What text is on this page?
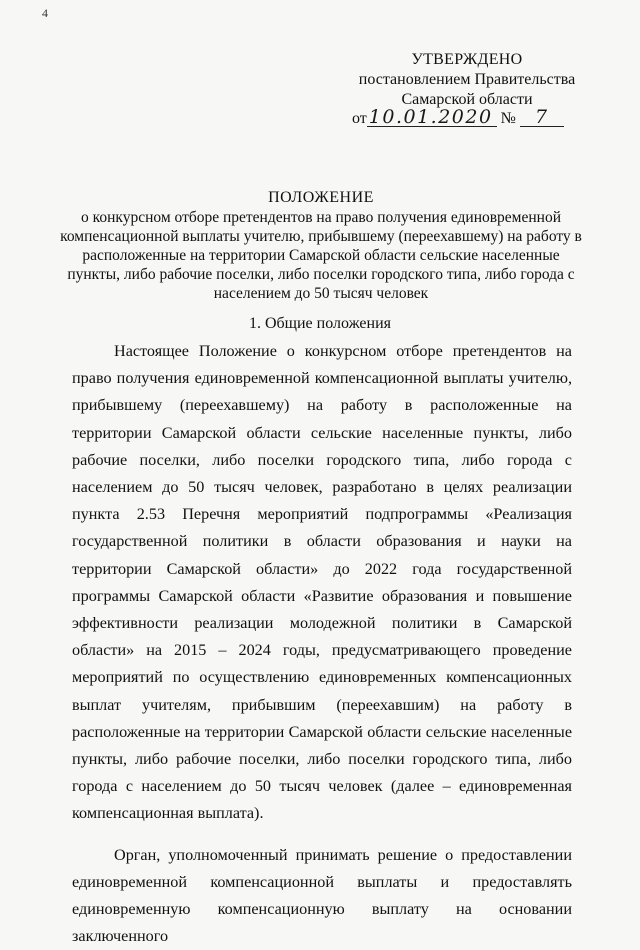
4
УТВЕРЖДЕНО
постановлением Правительства
Самарской области
от 10.01.2020 № 7
ПОЛОЖЕНИЕ
о конкурсном отборе претендентов на право получения единовременной компенсационной выплаты учителю, прибывшему (переехавшему) на работу в расположенные на территории Самарской области сельские населенные пункты, либо рабочие поселки, либо поселки городского типа, либо города с населением до 50 тысяч человек
1. Общие положения

Настоящее Положение о конкурсном отборе претендентов на право получения единовременной компенсационной выплаты учителю, прибывшему (переехавшему) на работу в расположенные на территории Самарской области сельские населенные пункты, либо рабочие поселки, либо поселки городского типа, либо города с населением до 50 тысяч человек, разработано в целях реализации пункта 2.53 Перечня мероприятий подпрограммы «Реализация государственной политики в области образования и науки на территории Самарской области» до 2022 года государственной программы Самарской области «Развитие образования и повышение эффективности реализации молодежной политики в Самарской области» на 2015 – 2024 годы, предусматривающего проведение мероприятий по осуществлению единовременных компенсационных выплат учителям, прибывшим (переехавшим) на работу в расположенные на территории Самарской области сельские населенные пункты, либо рабочие поселки, либо поселки городского типа, либо города с населением до 50 тысяч человек (далее – единовременная компенсационная выплата).

Орган, уполномоченный принимать решение о предоставлении единовременной компенсационной выплаты и предоставлять единовременную компенсационную выплату на основании заключенного
